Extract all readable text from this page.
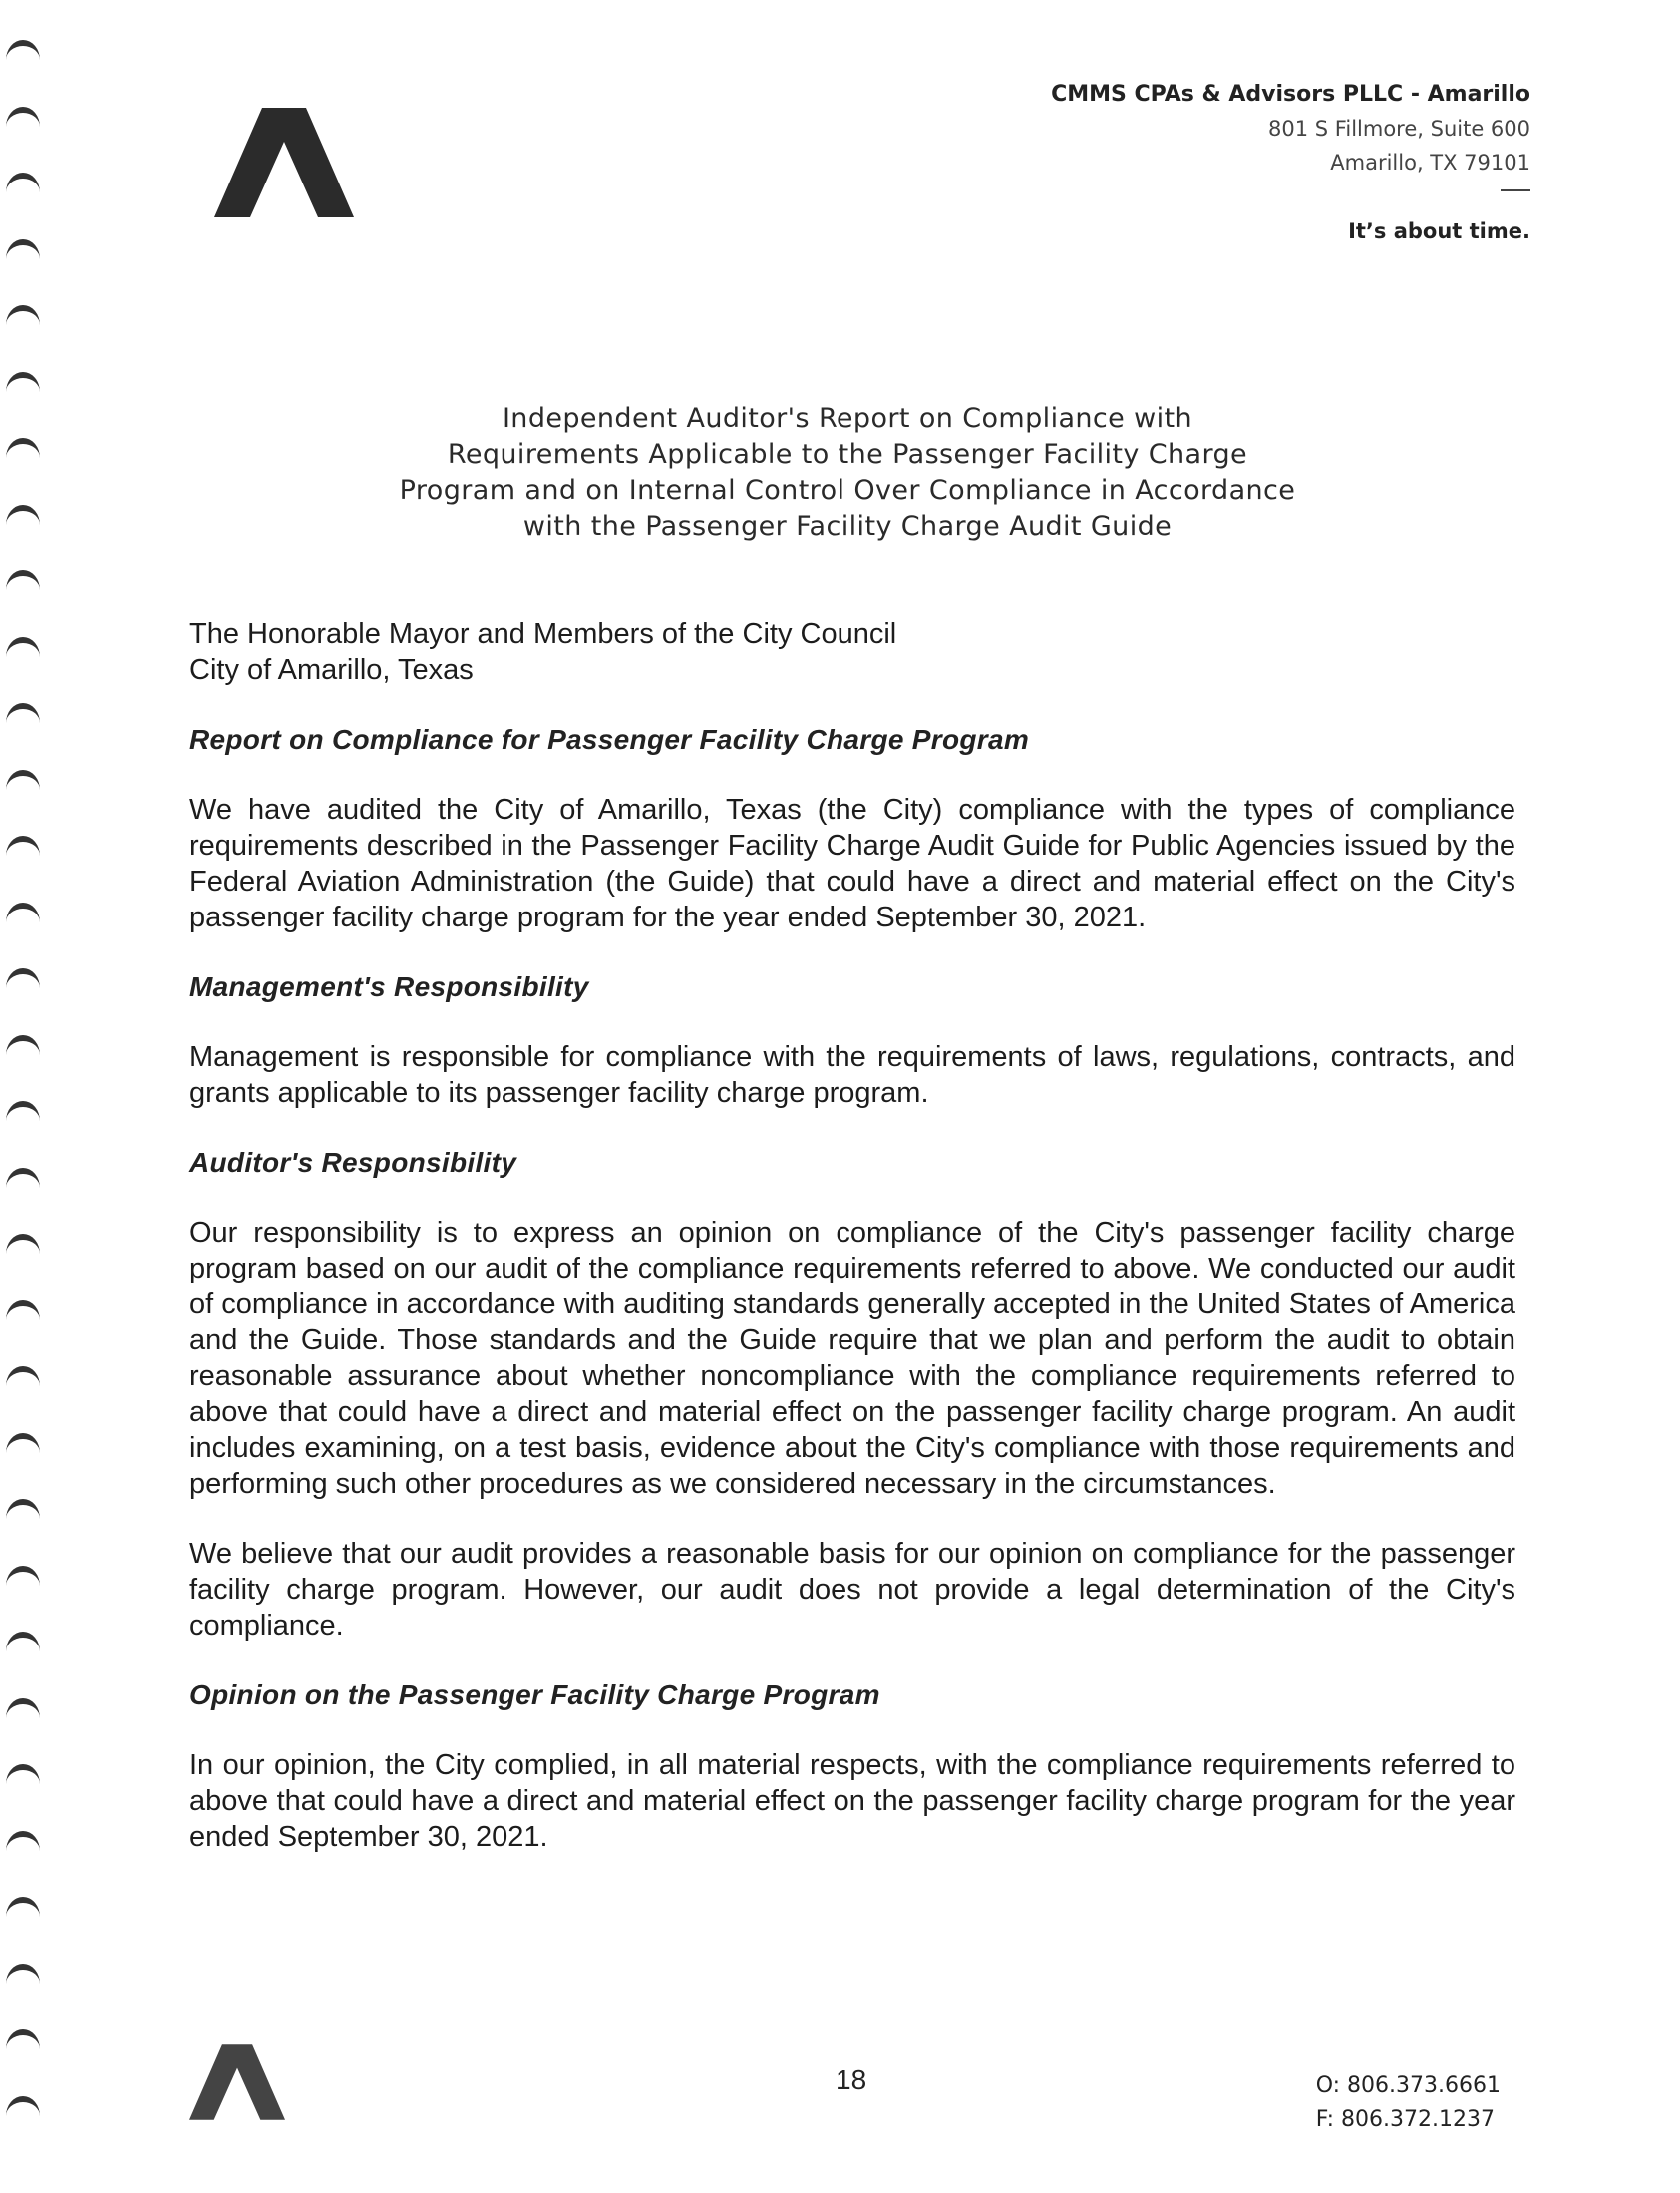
CMMS CPAs & Advisors PLLC - Amarillo
801 S Fillmore, Suite 600
Amarillo, TX 79101
It’s about time.
Independent Auditor's Report on Compliance with
Requirements Applicable to the Passenger Facility Charge
Program and on Internal Control Over Compliance in Accordance
with the Passenger Facility Charge Audit Guide

The Honorable Mayor and Members of the City Council

City of Amarillo, Texas

Report on Compliance for Passenger Facility Charge Program

We have audited the City of Amarillo, Texas (the City) compliance with the types of compliance requirements described in the Passenger Facility Charge Audit Guide for Public Agencies issued by the Federal Aviation Administration (the Guide) that could have a direct and material effect on the City's passenger facility charge program for the year ended September 30, 2021.

Management's Responsibility

Management is responsible for compliance with the requirements of laws, regulations, contracts, and grants applicable to its passenger facility charge program.

Auditor's Responsibility

Our responsibility is to express an opinion on compliance of the City's passenger facility charge program based on our audit of the compliance requirements referred to above. We conducted our audit of compliance in accordance with auditing standards generally accepted in the United States of America and the Guide. Those standards and the Guide require that we plan and perform the audit to obtain reasonable assurance about whether noncompliance with the compliance requirements referred to above that could have a direct and material effect on the passenger facility charge program. An audit includes examining, on a test basis, evidence about the City's compliance with those requirements and performing such other procedures as we considered necessary in the circumstances.

We believe that our audit provides a reasonable basis for our opinion on compliance for the passenger facility charge program. However, our audit does not provide a legal determination of the City's compliance.

Opinion on the Passenger Facility Charge Program

In our opinion, the City complied, in all material respects, with the compliance requirements referred to above that could have a direct and material effect on the passenger facility charge program for the year ended September 30, 2021.

18	O: 806.373.6661
F: 806.372.1237
